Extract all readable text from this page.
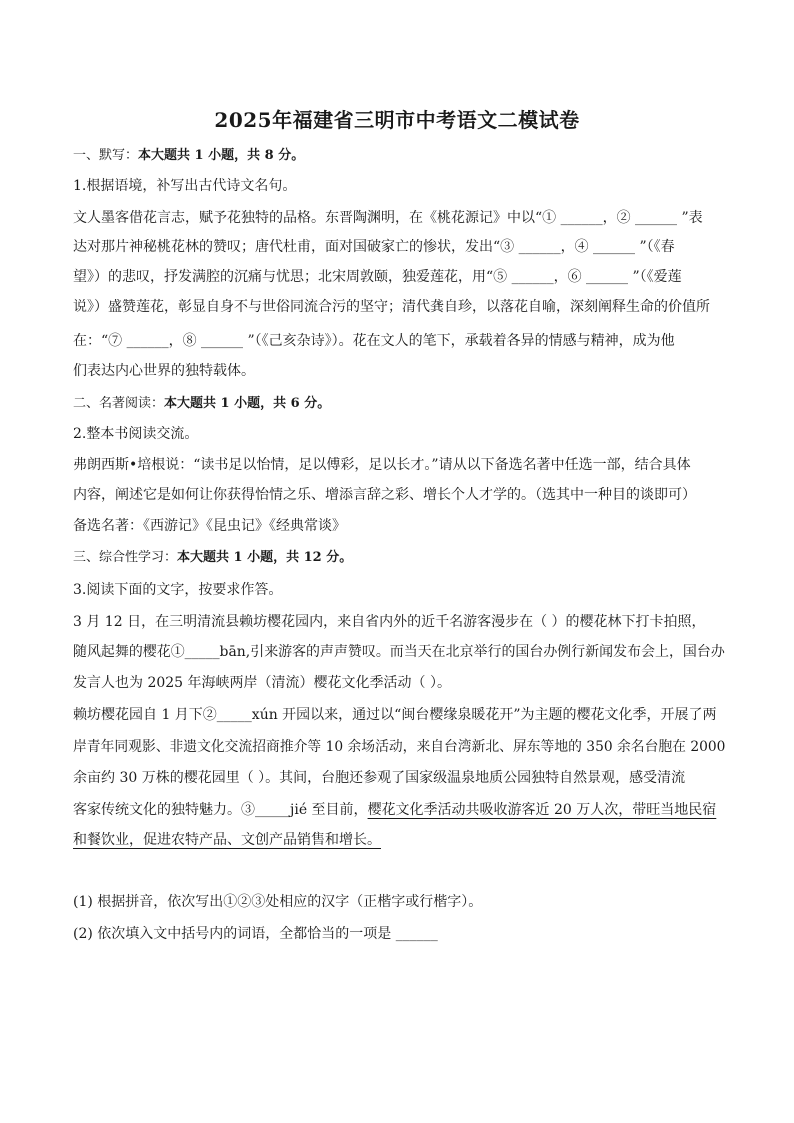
2025年福建省三明市中考语文二模试卷
一、默写：本大题共 1 小题，共 8 分。
1.根据语境，补写出古代诗文名句。
文人墨客借花言志，赋予花独特的品格。东晋陶渊明，在《桃花源记》中以“① ______，② ______ ”表
达对那片神秘桃花林的赞叹；唐代杜甫，面对国破家亡的惨状，发出“③ ______，④ ______ ”（《春
望》）的悲叹，抒发满腔的沉痛与忧思；北宋周敦颐，独爱莲花，用“⑤ ______，⑥ ______ ”（《爱莲
说》）盛赞莲花，彰显自身不与世俗同流合污的坚守；清代龚自珍，以落花自喻，深刻阐释生命的价值所
在：“⑦ ______，⑧ ______ ”（《己亥杂诗》）。花在文人的笔下，承载着各异的情感与精神，成为他
们表达内心世界的独特载体。
二、名著阅读：本大题共 1 小题，共 6 分。
2.整本书阅读交流。
弗朗西斯•培根说：“读书足以怡情，足以傅彩，足以长才。”请从以下备选名著中任选一部，结合具体
内容，阐述它是如何让你获得怡情之乐、增添言辞之彩、增长个人才学的。（选其中一种目的谈即可）
备选名著：《西游记》《昆虫记》《经典常谈》
三、综合性学习：本大题共 1 小题，共 12 分。
3.阅读下面的文字，按要求作答。
3 月 12 日，在三明清流县赖坊樱花园内，来自省内外的近千名游客漫步在（ ）的樱花林下打卡拍照，
随风起舞的樱花①_____bān,引来游客的声声赞叹。而当天在北京举行的国台办例行新闻发布会上，国台办
发言人也为 2025 年海峡两岸（清流）樱花文化季活动（ ）。
赖坊樱花园自 1 月下②_____xún 开园以来，通过以“闽台樱缘泉暖花开”为主题的樱花文化季，开展了两
岸青年同观影、非遗文化交流招商推介等 10 余场活动，来自台湾新北、屏东等地的 350 余名台胞在 2000
余亩约 30 万株的樱花园里（ ）。其间，台胞还参观了国家级温泉地质公园独特自然景观，感受清流
客家传统文化的独特魅力。③_____jié 至目前，樱花文化季活动共吸收游客近 20 万人次，带旺当地民宿
和餐饮业，促进农特产品、文创产品销售和增长。
(1) 根据拼音，依次写出①②③处相应的汉字（正楷字或行楷字）。
(2) 依次填入文中括号内的词语，全都恰当的一项是 ______
